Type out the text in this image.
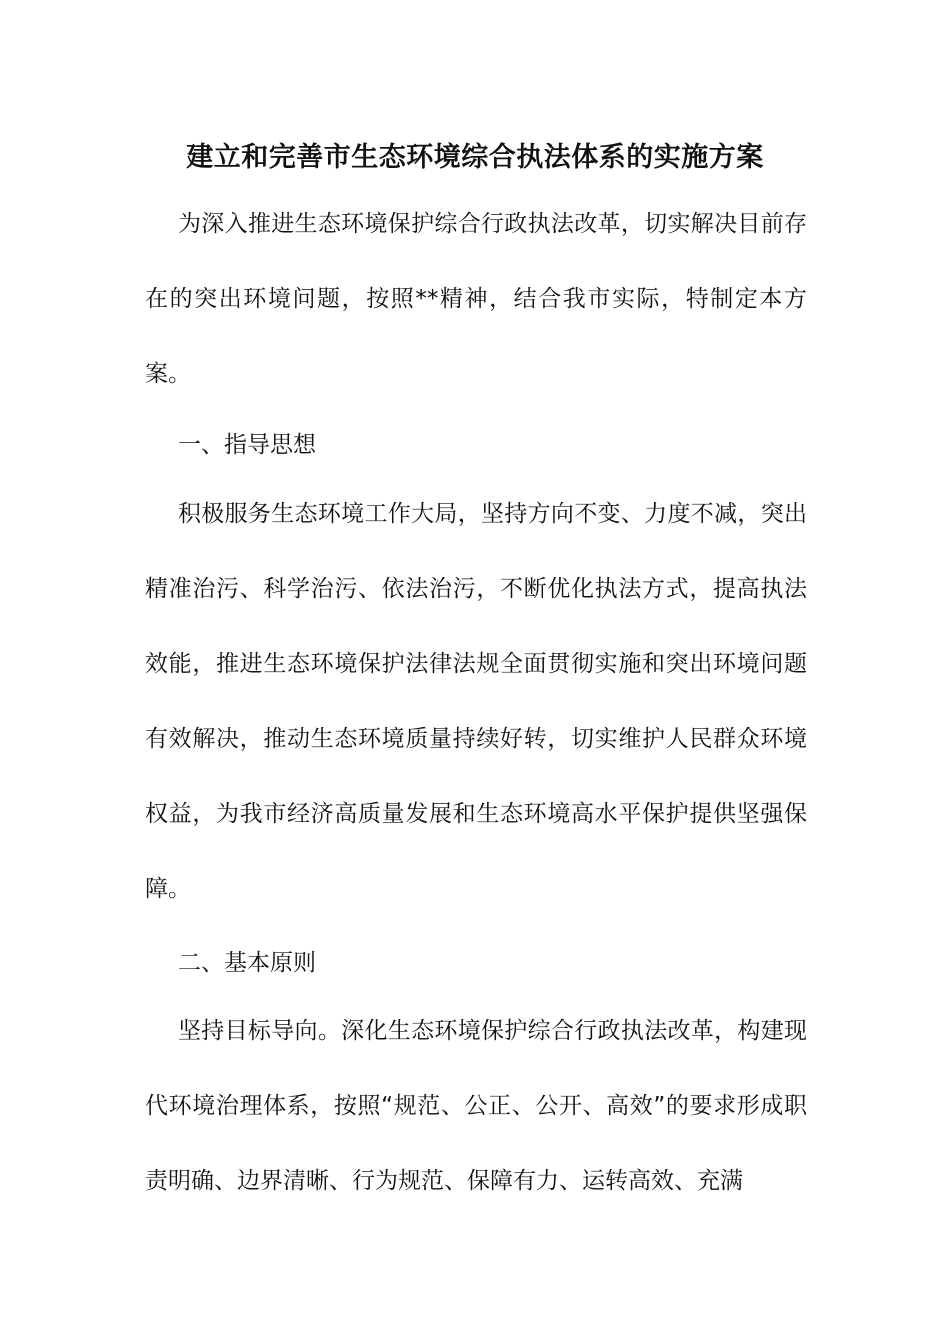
建立和完善市生态环境综合执法体系的实施方案

为深入推进生态环境保护综合行政执法改革，切实解决目前存在的突出环境问题，按照**精神，结合我市实际，特制定本方案。

一、指导思想

积极服务生态环境工作大局，坚持方向不变、力度不减，突出精准治污、科学治污、依法治污，不断优化执法方式，提高执法效能，推进生态环境保护法律法规全面贯彻实施和突出环境问题有效解决，推动生态环境质量持续好转，切实维护人民群众环境权益，为我市经济高质量发展和生态环境高水平保护提供坚强保障。

二、基本原则

坚持目标导向。深化生态环境保护综合行政执法改革，构建现代环境治理体系，按照“规范、公正、公开、高效”的要求形成职责明确、边界清晰、行为规范、保障有力、运转高效、充满
